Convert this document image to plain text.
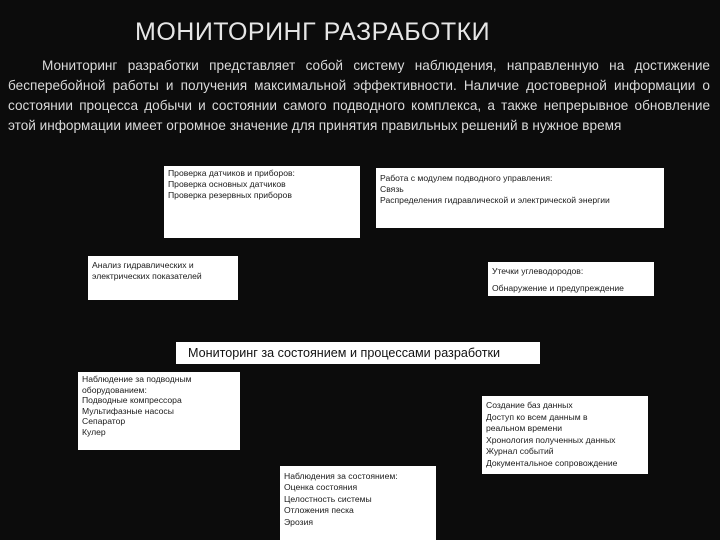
МОНИТОРИНГ РАЗРАБОТКИ

Мониторинг разработки представляет собой систему наблюдения, направленную на достижение бесперебойной работы и получения максимальной эффективности. Наличие достоверной информации о состоянии процесса добычи и состоянии самого подводного комплекса, а также непрерывное обновление этой информации имеет огромное значение для принятия правильных решений в нужное время

Проверка датчиков и приборов:
Проверка основных датчиков
Проверка резервных приборов
Работа с модулем подводного управления:
Связь
Распределения гидравлической и электрической энергии
Анализ гидравлических и
электрических показателей
Утечки углеводородов:
Обнаружение и предупреждение
Мониторинг за состоянием и процессами разработки
Наблюдение за подводным
оборудованием:
Подводные компрессора
Мультифазные насосы
Сепаратор
Кулер
Создание баз данных
Доступ ко всем данным в
реальном времени
Хронология полученных данных
Журнал событий
Документальное сопровождение
Наблюдения за состоянием:
Оценка состояния
Целостность системы
Отложения песка
Эрозия
